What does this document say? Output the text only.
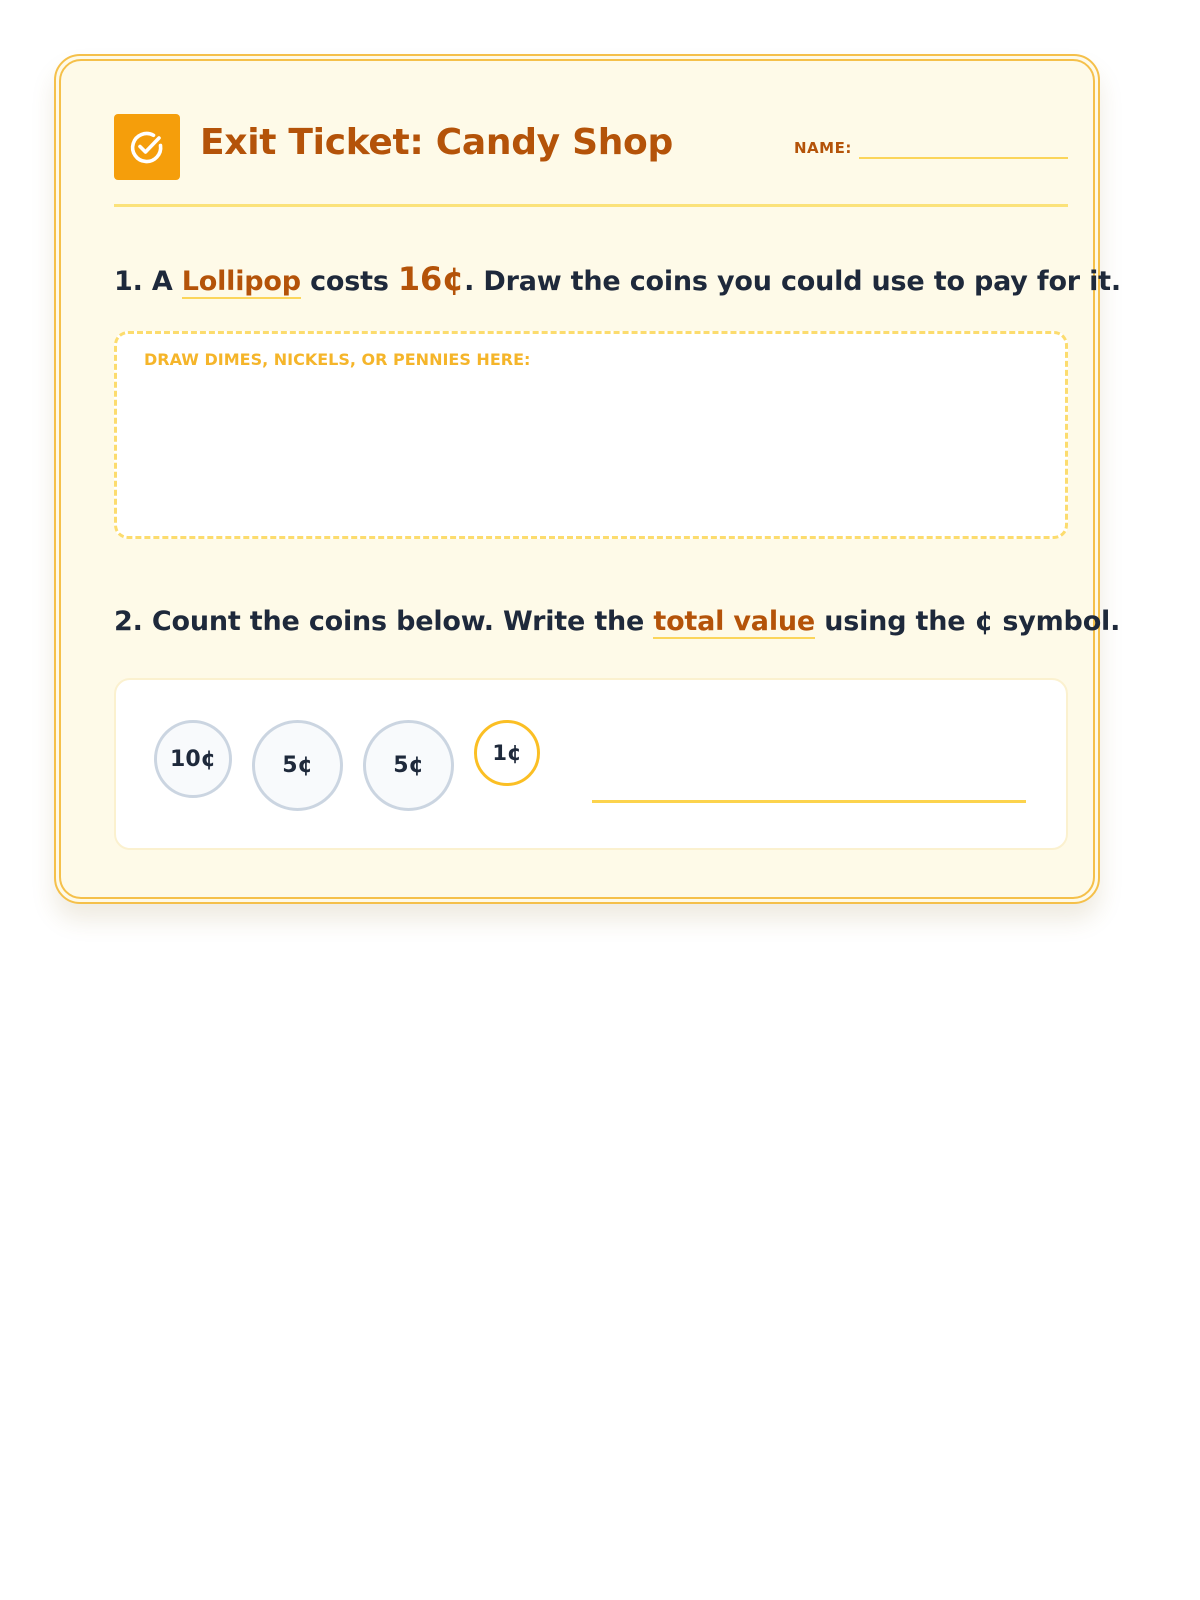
Exit Ticket: Candy Shop	NAME:
1. A Lollipop costs 16¢. Draw the coins you could use to pay for it.
DRAW DIMES, NICKELS, OR PENNIES HERE:
2. Count the coins below. Write the total value using the ¢ symbol.
10¢	5¢	5¢	1¢
